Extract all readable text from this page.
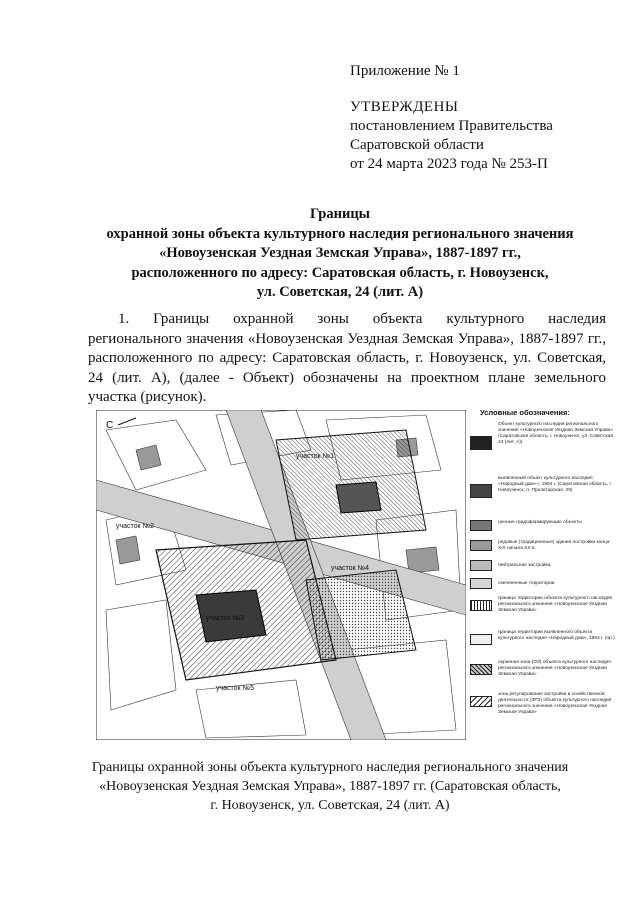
Приложение № 1
УТВЕРЖДЕНЫ
постановлением Правительства
Саратовской области
от 24 марта 2023 года № 253-П
Границы
охранной зоны объекта культурного наследия регионального значения
«Новоузенская Уездная Земская Управа», 1887-1897 гг.,
расположенного по адресу: Саратовская область, г. Новоузенск,
ул. Советская, 24 (лит. А)

1. Границы охранной зоны объекта культурного наследия

регионального значения «Новоузенская Уездная Земская Управа», 1887-1897 гг.,

расположенного по адресу: Саратовская область, г. Новоузенск, ул. Советская,

24 (лит. А), (далее - Объект) обозначены на проектном плане земельного

участка (рисунок).

С
участок №1
участок №2
участок №3
участок №4
участок №5
Условные обозначения:
Объект культурного наследия регионального значения «Новоузенская Уездная Земская Управа» (Саратовская область, г. Новоузенск, ул. Советская, 24 (лит. А))
выявленный объект культурного наследия «Народный дом»», 1904 г. (Саратовская область, г. Новоузенск, п. Пролетарская, 29)
ценные градоформирующие объекты
рядовые (традиционные) здания постройки конца XIX начала XX в.
нейтральная застройка
озелененные территории
граница территории объекта культурного наследия регионального значения «Новоузенская Уездная Земская Управа»
граница территории выявленного объекта культурного наследия «Народный дом», 1904 г. (пр.)
охранная зона (ОЗ) объекта культурного наследия регионального значения «Новоузенская Уездная Земская Управа»
зона регулирования застройки и хозяйственной деятельности (ЗРЗ) объекта культурного наследия регионального значения «Новоузенская Уездная Земская Управа»
Границы охранной зоны объекта культурного наследия регионального значения
«Новоузенская Уездная Земская Управа», 1887-1897 гг. (Саратовская область,
г. Новоузенск, ул. Советская, 24 (лит. А)
